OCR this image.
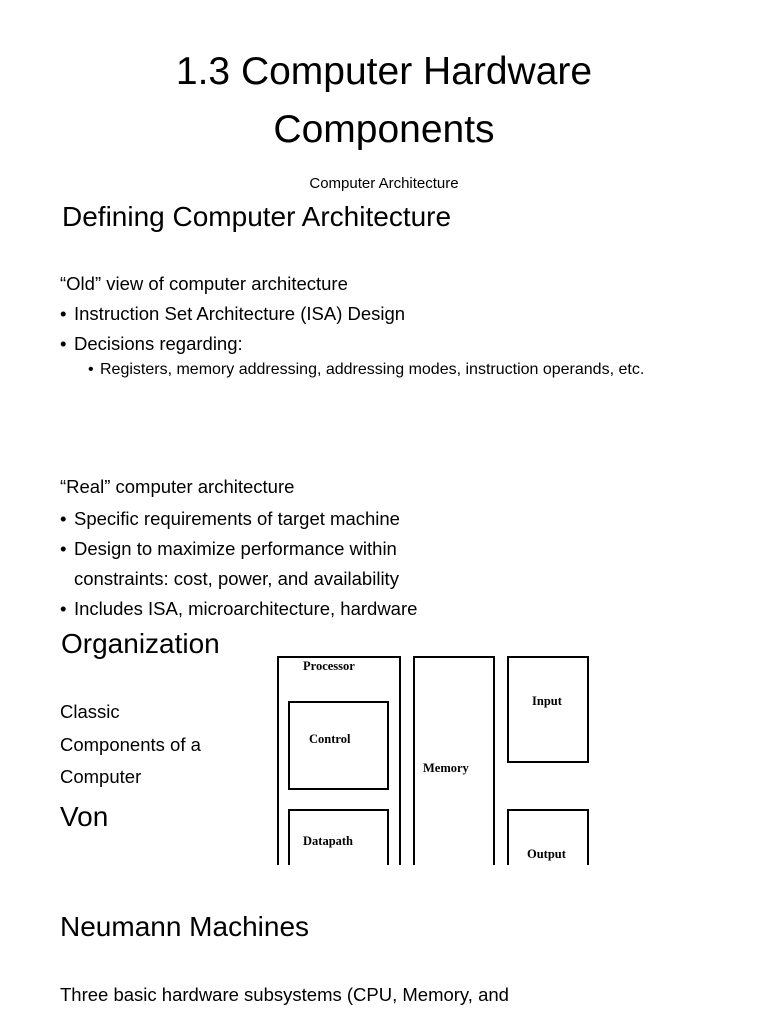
1.3 Computer Hardware
Components
Computer Architecture
Defining Computer Architecture
“Old” view of computer architecture
• Instruction Set Architecture (ISA) Design
• Decisions regarding:
• Registers, memory addressing, addressing modes, instruction operands, etc.
“Real” computer architecture
• Specific requirements of target machine
• Design to maximize performance within
constraints: cost, power, and availability
• Includes ISA, microarchitecture, hardware
Organization
Classic
Components of a
Computer
Von
Processor
Control
Datapath
Memory
Input
Output
Neumann Machines
Three basic hardware subsystems (CPU, Memory, and
